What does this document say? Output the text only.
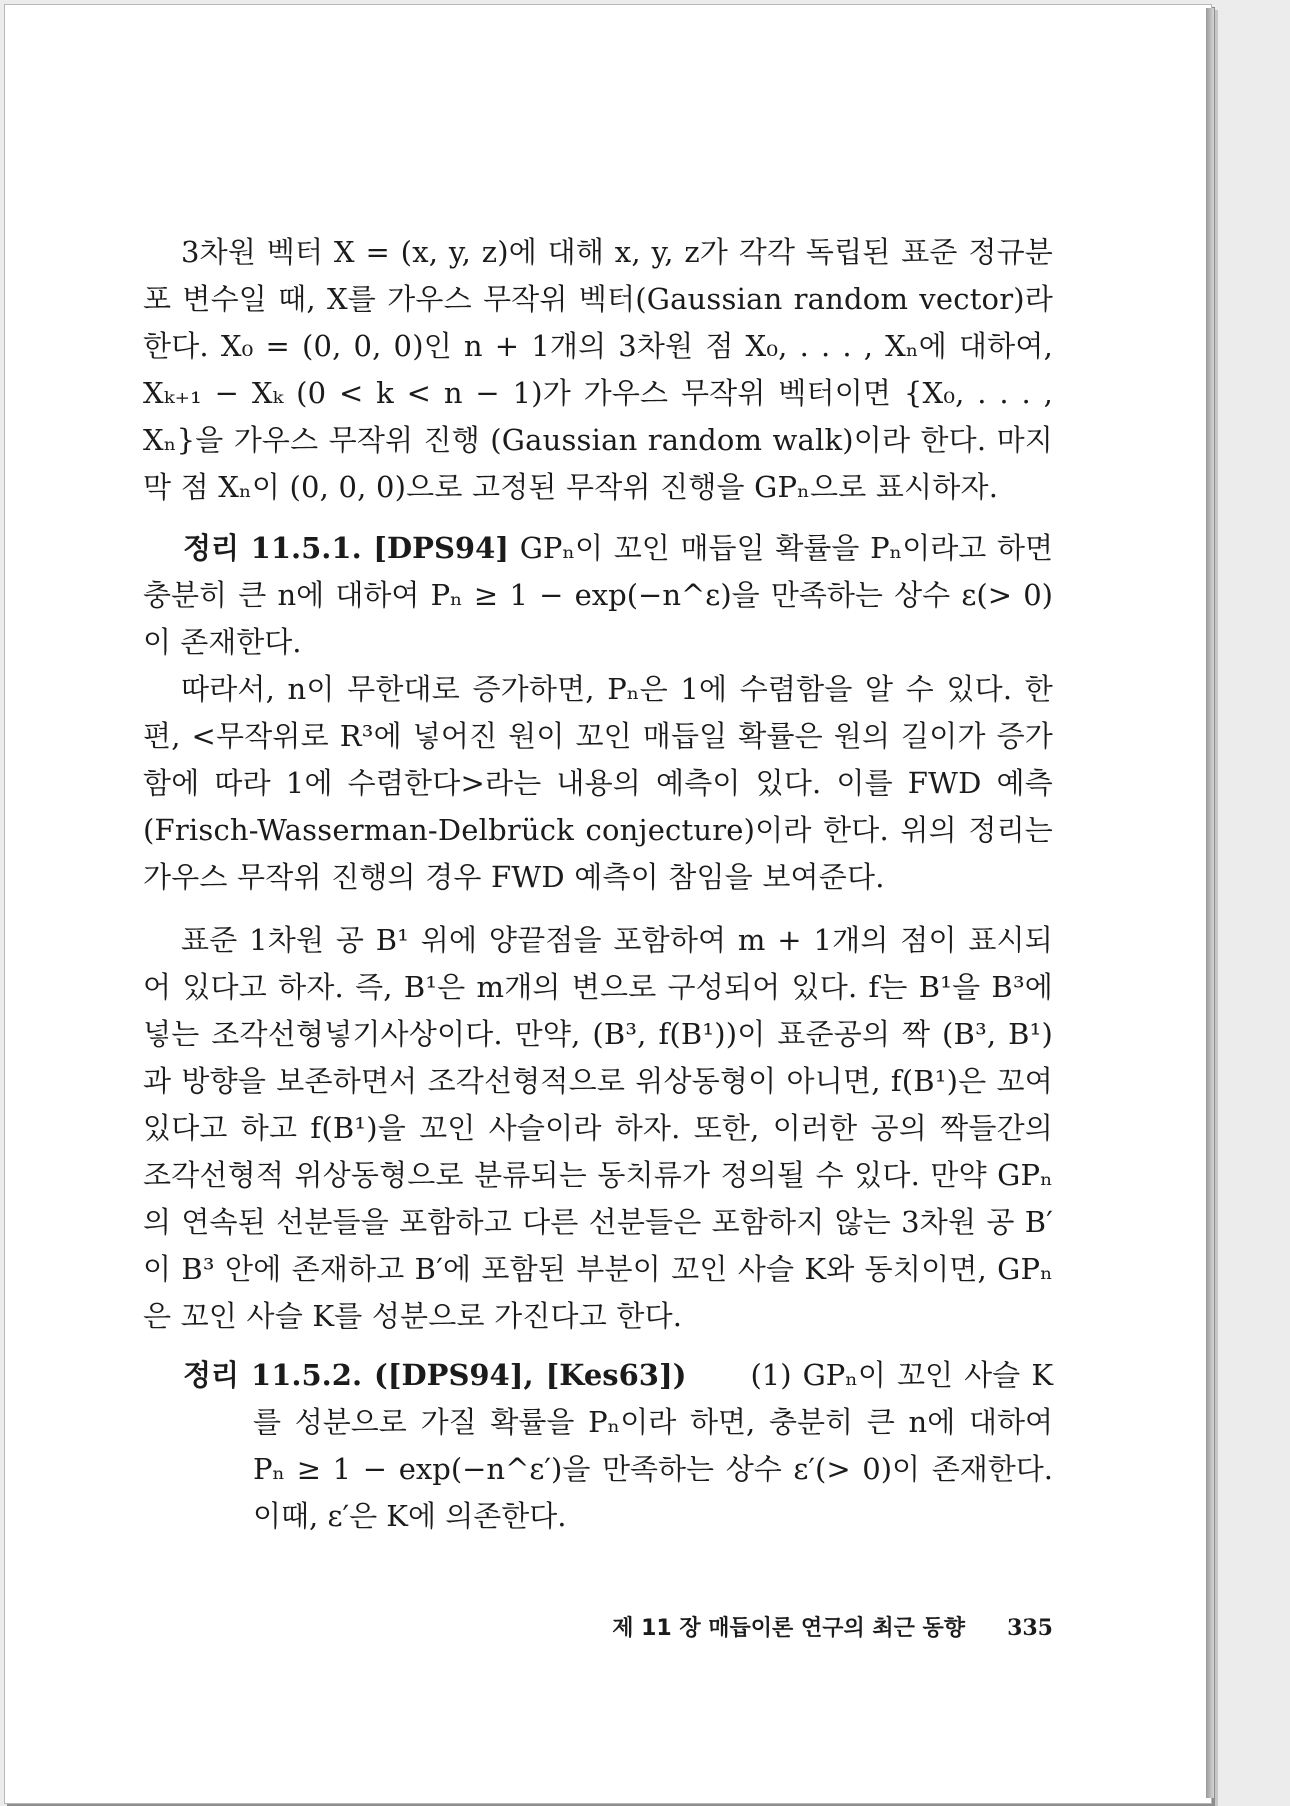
3차원 벡터 X = (x, y, z)에 대해 x, y, z가 각각 독립된 표준 정규분포 변수일 때, X를 가우스 무작위 벡터(Gaussian random vector)라 한다. X₀ = (0, 0, 0)인 n + 1개의 3차원 점 X₀, . . . , Xₙ에 대하여, Xₖ₊₁ − Xₖ (0 < k < n − 1)가 가우스 무작위 벡터이면 {X₀, . . . , Xₙ}을 가우스 무작위 진행 (Gaussian random walk)이라 한다. 마지막 점 Xₙ이 (0, 0, 0)으로 고정된 무작위 진행을 GPₙ으로 표시하자.

정리 11.5.1. [DPS94] GPₙ이 꼬인 매듭일 확률을 Pₙ이라고 하면 충분히 큰 n에 대하여 Pₙ ≥ 1 − exp(−n^ε)을 만족하는 상수 ε(> 0)이 존재한다.

따라서, n이 무한대로 증가하면, Pₙ은 1에 수렴함을 알 수 있다. 한편, <무작위로 R³에 넣어진 원이 꼬인 매듭일 확률은 원의 길이가 증가함에 따라 1에 수렴한다>라는 내용의 예측이 있다. 이를 FWD 예측(Frisch-Wasserman-Delbrück conjecture)이라 한다. 위의 정리는 가우스 무작위 진행의 경우 FWD 예측이 참임을 보여준다.

표준 1차원 공 B¹ 위에 양끝점을 포함하여 m + 1개의 점이 표시되어 있다고 하자. 즉, B¹은 m개의 변으로 구성되어 있다. f는 B¹을 B³에 넣는 조각선형넣기사상이다. 만약, (B³, f(B¹))이 표준공의 짝 (B³, B¹)과 방향을 보존하면서 조각선형적으로 위상동형이 아니면, f(B¹)은 꼬여 있다고 하고 f(B¹)을 꼬인 사슬이라 하자. 또한, 이러한 공의 짝들간의 조각선형적 위상동형으로 분류되는 동치류가 정의될 수 있다. 만약 GPₙ의 연속된 선분들을 포함하고 다른 선분들은 포함하지 않는 3차원 공 B′이 B³ 안에 존재하고 B′에 포함된 부분이 꼬인 사슬 K와 동치이면, GPₙ은 꼬인 사슬 K를 성분으로 가진다고 한다.

정리 11.5.2. ([DPS94], [Kes63]) (1) GPₙ이 꼬인 사슬 K를 성분으로 가질 확률을 Pₙ이라 하면, 충분히 큰 n에 대하여 Pₙ ≥ 1 − exp(−n^ε′)을 만족하는 상수 ε′(> 0)이 존재한다. 이때, ε′은 K에 의존한다.
제 11 장 매듭이론 연구의 최근 동향 335
